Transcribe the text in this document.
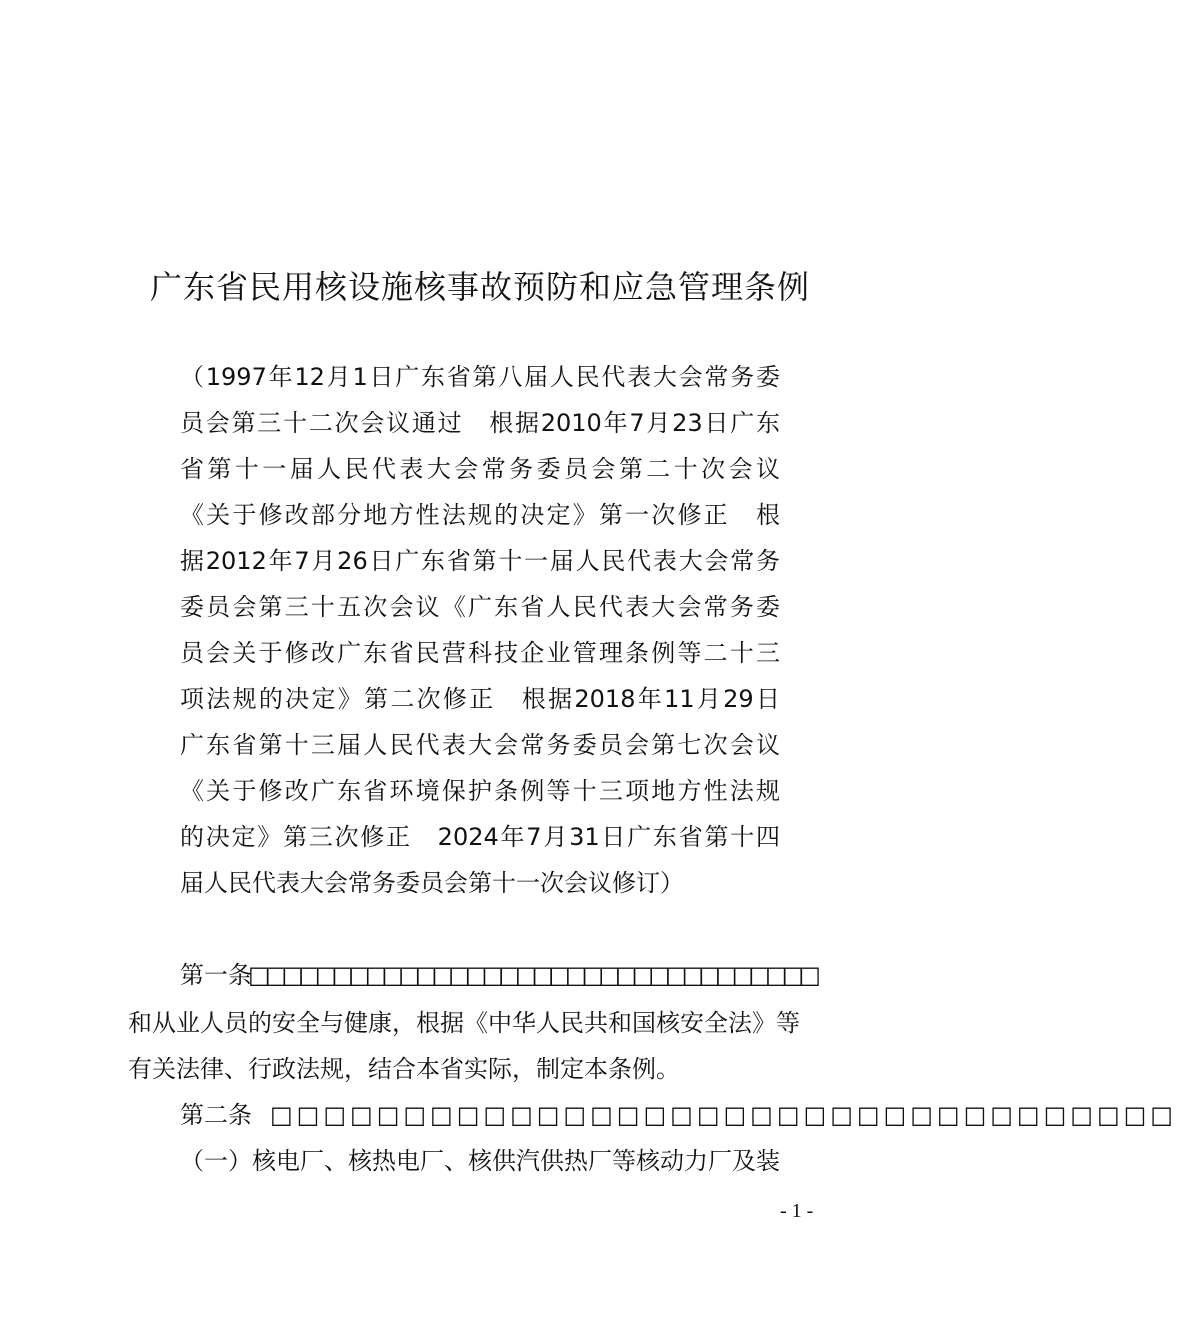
广东省民用核设施核事故预防和应急管理条例
（1997年12月1日广东省第八届人民代表大会常务委
员会第三十二次会议通过　根据2010年7月23日广东
省第十一届人民代表大会常务委员会第二十次会议
《关于修改部分地方性法规的决定》第一次修正　根
据2012年7月26日广东省第十一届人民代表大会常务
委员会第三十五次会议《广东省人民代表大会常务委
员会关于修改广东省民营科技企业管理条例等二十三
项法规的决定》第二次修正　根据2018年11月29日
广东省第十三届人民代表大会常务委员会第七次会议
《关于修改广东省环境保护条例等十三项地方性法规
的决定》第三次修正　2024年7月31日广东省第十四
届人民代表大会常务委员会第十一次会议修订）
第一条
□□□□□□□□□□□□□□□□□□□□□□□□□□□□□□□□□□
和从业人员的安全与健康，根据《中华人民共和国核安全法》等
有关法律、行政法规，结合本省实际，制定本条例。
第二条 □□□□□□□□□□□□□□□□□□□□□□□□□□□□□□□□□□
（一）核电厂、核热电厂、核供汽供热厂等核动力厂及装
- 1 -
